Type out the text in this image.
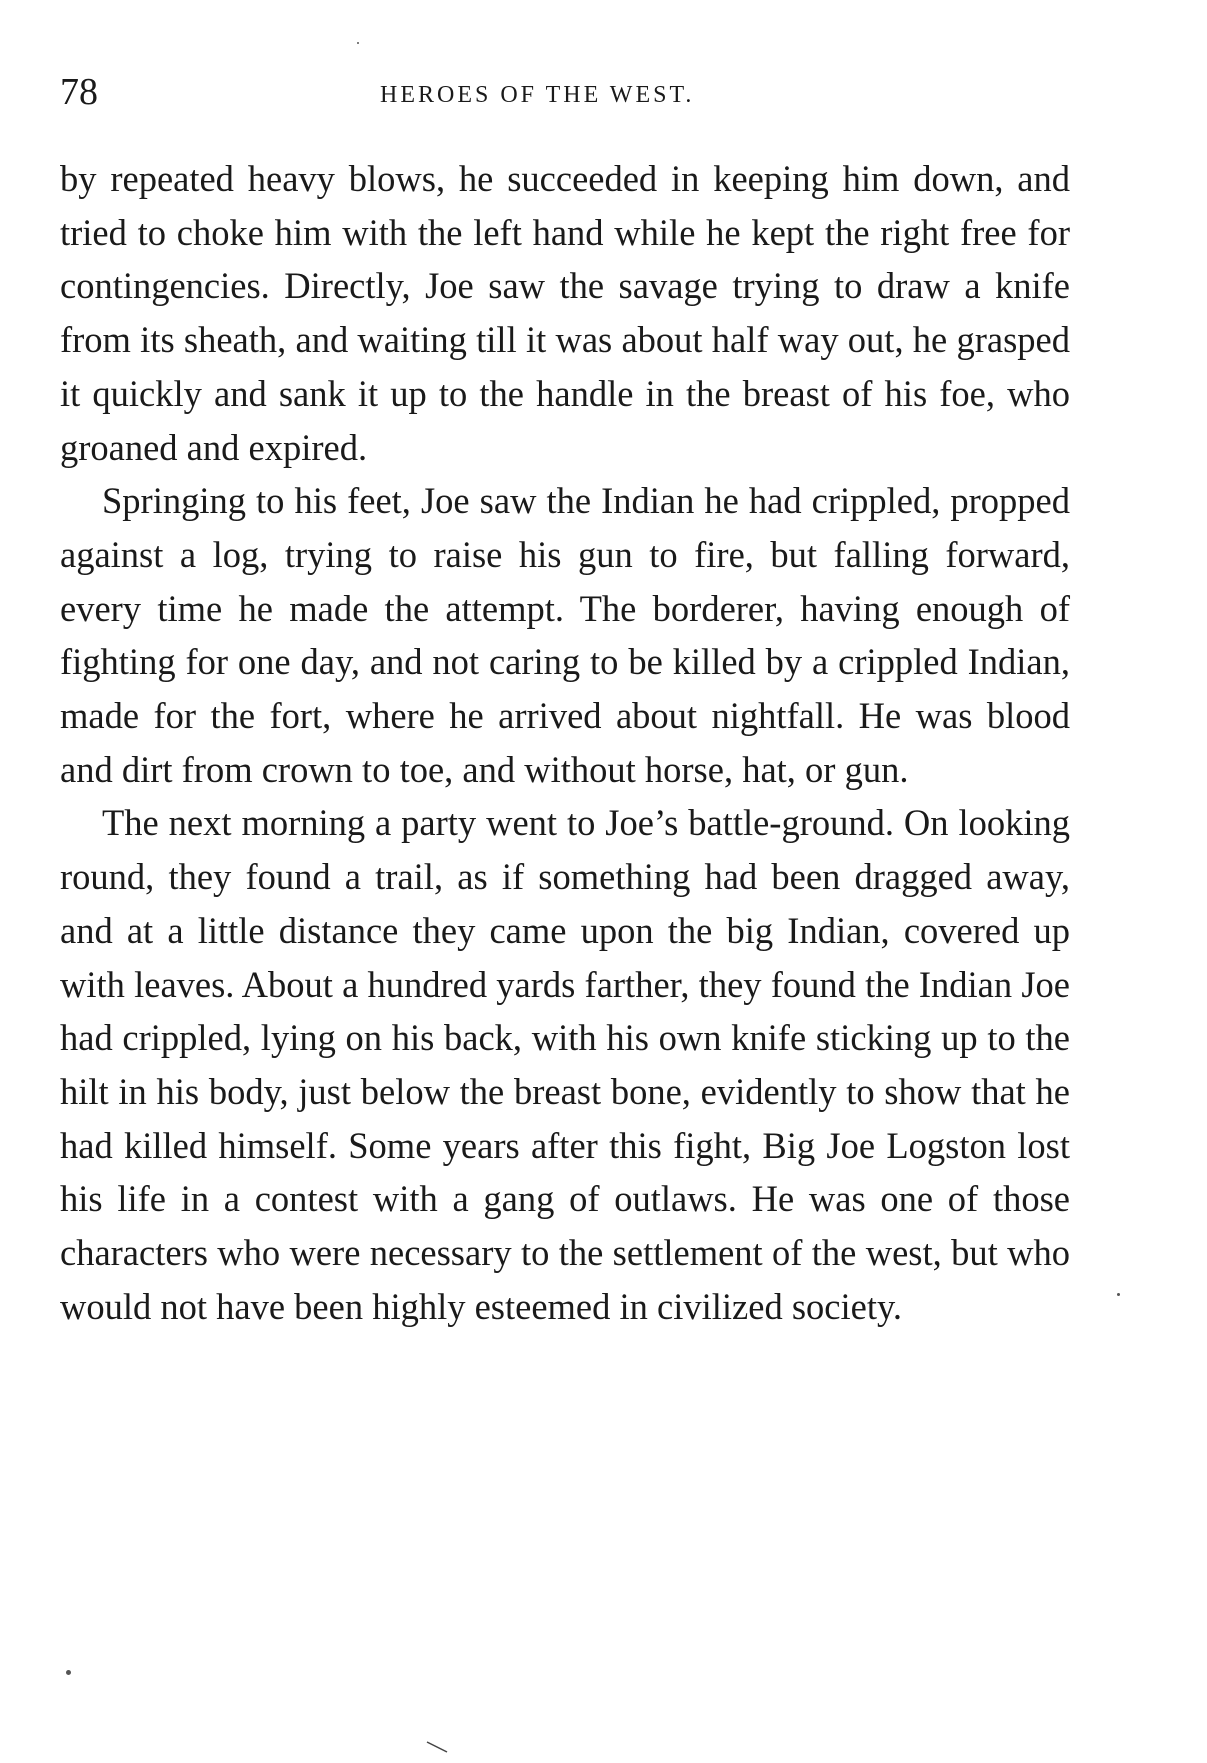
78	HEROES OF THE WEST.

by repeated heavy blows, he succeeded in keeping him down, and tried to choke him with the left hand while he kept the right free for contingencies. Directly, Joe saw the savage trying to draw a knife from its sheath, and waiting till it was about half way out, he grasped it quickly and sank it up to the handle in the breast of his foe, who groaned and expired.

Springing to his feet, Joe saw the Indian he had crippled, propped against a log, trying to raise his gun to fire, but falling forward, every time he made the attempt. The borderer, having enough of fighting for one day, and not caring to be killed by a crippled Indian, made for the fort, where he arrived about nightfall. He was blood and dirt from crown to toe, and without horse, hat, or gun.

The next morning a party went to Joe’s battle-ground. On looking round, they found a trail, as if something had been dragged away, and at a little distance they came upon the big Indian, covered up with leaves. About a hundred yards farther, they found the Indian Joe had crippled, lying on his back, with his own knife sticking up to the hilt in his body, just below the breast bone, evidently to show that he had killed himself. Some years after this fight, Big Joe Logston lost his life in a contest with a gang of outlaws. He was one of those characters who were necessary to the settlement of the west, but who would not have been highly esteemed in civilized society.
